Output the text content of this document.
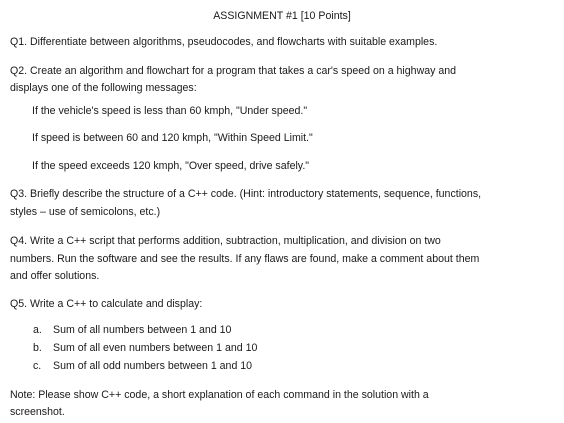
ASSIGNMENT #1 [10 Points]
Q1. Differentiate between algorithms, pseudocodes, and flowcharts with suitable examples.
Q2. Create an algorithm and flowchart for a program that takes a car's speed on a highway and
displays one of the following messages:
If the vehicle's speed is less than 60 kmph, "Under speed."
If speed is between 60 and 120 kmph, "Within Speed Limit."
If the speed exceeds 120 kmph, "Over speed, drive safely."
Q3. Briefly describe the structure of a C++ code. (Hint: introductory statements, sequence, functions,
styles – use of semicolons, etc.)
Q4. Write a C++ script that performs addition, subtraction, multiplication, and division on two
numbers. Run the software and see the results. If any flaws are found, make a comment about them
and offer solutions.
Q5. Write a C++ to calculate and display:
a. Sum of all numbers between 1 and 10
b. Sum of all even numbers between 1 and 10
c. Sum of all odd numbers between 1 and 10
Note: Please show C++ code, a short explanation of each command in the solution with a
screenshot.
